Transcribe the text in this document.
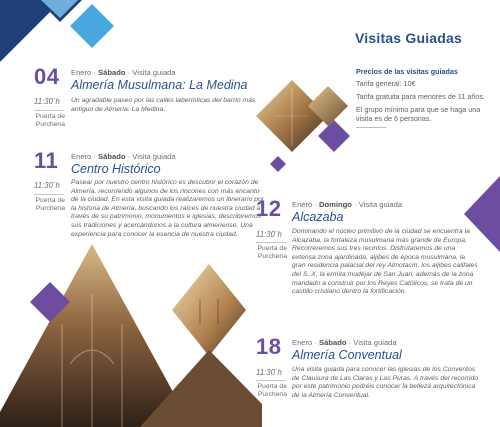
Visitas Guiadas

Precios de las visitas guiadas

Tarifa general: 10€

Tarifa gratuita para menores de 11 años.

El grupo mínimo para que se haga una visita es de 6 personas.

04 Enero · Sábado · Visita guiada
Almería Musulmana: La Medina
11:30´h
Puerta de Purchena
Un agradable paseo por las calles laberínticas del barrio más antiguo de Almería: La Medina.
11 Enero · Sábado · Visita guiada
Centro Histórico
11:30´h
Puerta de Purchena
Pasear por nuestro centro histórico es descubrir el corazón de Almería, recorriendo algunos de los rincones con más encanto de la ciudad. En esta visita guiada realizaremos un itinerario por la historia de Almería, buscando los raíces de nuestra ciudad a través de su patrimonio, monumentos e iglesias, describiremos sus tradiciones y acercándonos a la cultura almeriense. Una experiencia para conocer la esencia de nuestra ciudad.
12 Enero · Domingo · Visita guiada
Alcazaba
11:30´h
Puerta de Purchena
Dominando el núcleo primitivo de la ciudad se encuentra la Alcazaba, la fortaleza musulmana más grande de Europa. Recorreremos sus tres recintos. Disfrutaremos de una extensa zona ajardinada, aljibes de época musulmana, la gran residencia palacial del rey Almotacín, los aljibes califales del S. X, la ermita mudéjar de San Juan, además de la zona mandado a construir por los Reyes Católicos, se trata de un castillo cristiano dentro la fortificación.
18 Enero · Sábado · Visita guiada
Almería Conventual
11:30´h
Puerta de Purchena
Una visita guiada para conocer las iglesias de los Conventos de Clausura de Las Claras y Las Puras. A través del recorrido por este patrimonio podréis conocer la belleza arquitectónica de la Almería Conventual.
